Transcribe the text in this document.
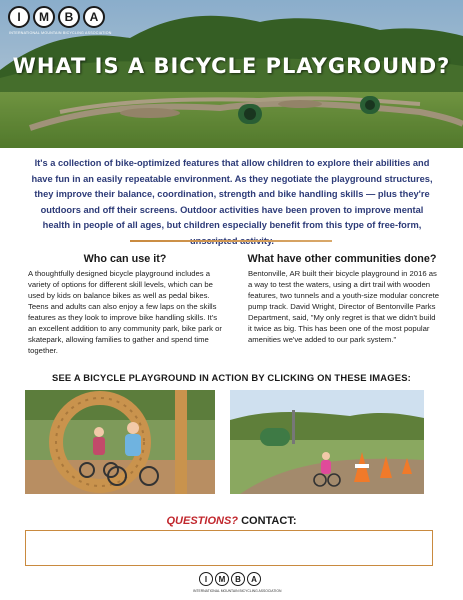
I	M	B	A
INTERNATIONAL MOUNTAIN BICYCLING ASSOCIATION
WHAT IS A BICYCLE PLAYGROUND?

It's a collection of bike-optimized features that allow children to explore their abilities and have fun in an easily repeatable environment. As they negotiate the playground structures, they improve their balance, coordination, strength and bike handling skills — plus they're outdoors and off their screens. Outdoor activities have been proven to improve mental health in people of all ages, but children especially benefit from this type of free-form,

Who can use it?

A thoughtfully designed bicycle playground includes a variety of options for different skill levels, which can be used by kids on balance bikes as well as pedal bikes. Teens and adults can also enjoy a few laps on the skills features as they look to improve bike handling skills. It's an excellent addition to any community park, bike park or skatepark, allowing families to gather and spend time together.

What have other communities done?

Bentonville, AR built their bicycle playground in 2016 as a way to test the waters, using a dirt trail with wooden features, two tunnels and a youth-size modular concrete pump track. David Wright, Director of Bentonville Parks Department, said, "My only regret is that we didn't build it twice as big. This has been one of the most popular amenities we've added to our park system."

SEE A BICYCLE PLAYGROUND IN ACTION BY CLICKING ON THESE IMAGES:
QUESTIONS? CONTACT:
I	M	B	A
INTERNATIONAL MOUNTAIN BICYCLING ASSOCIATION
